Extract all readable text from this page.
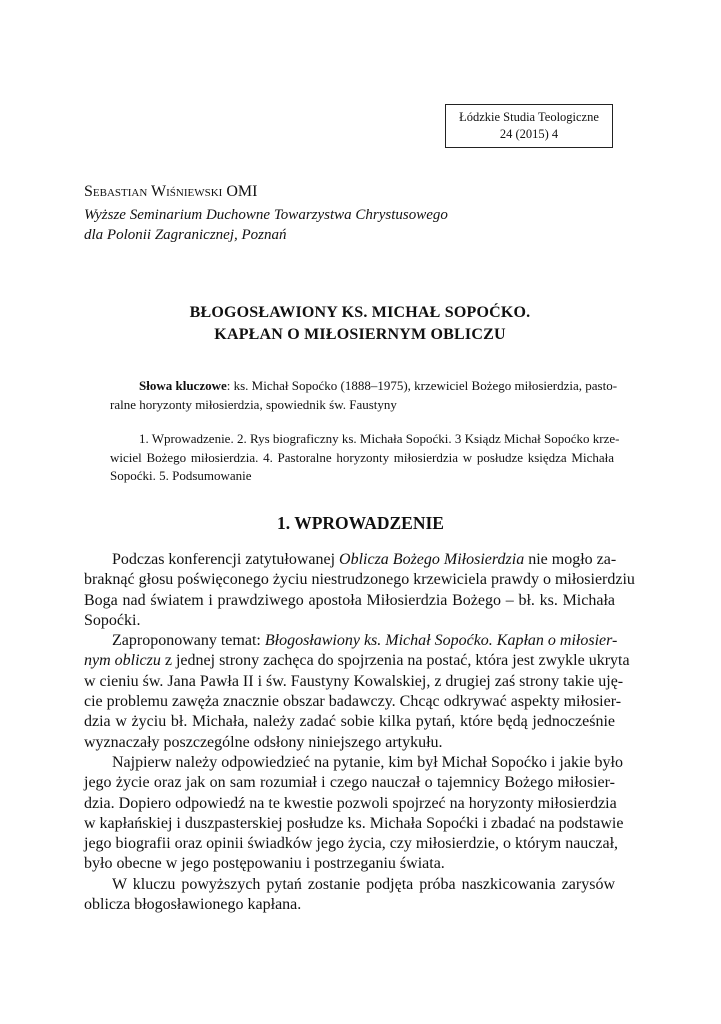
Łódzkie Studia Teologiczne
24 (2015) 4
Sebastian Wiśniewski OMI
Wyższe Seminarium Duchowne Towarzystwa Chrystusowego
dla Polonii Zagranicznej, Poznań
BŁOGOSŁAWIONY KS. MICHAŁ SOPOĆKO.
KAPŁAN O MIŁOSIERNYM OBLICZU
Słowa kluczowe: ks. Michał Sopoćko (1888–1975), krzewiciel Bożego miłosierdzia, pasto-
ralne horyzonty miłosierdzia, spowiednik św. Faustyny
1. Wprowadzenie. 2. Rys biograficzny ks. Michała Sopoćki. 3 Ksiądz Michał Sopoćko krze-
wiciel Bożego miłosierdzia. 4. Pastoralne horyzonty miłosierdzia w posłudze księdza Michała
Sopoćki. 5. Podsumowanie
1. WPROWADZENIE

Podczas konferencji zatytułowanej Oblicza Bożego Miłosierdzia nie mogło za-
braknąć głosu poświęconego życiu niestrudzonego krzewiciela prawdy o miłosierdziu
Boga nad światem i prawdziwego apostoła Miłosierdzia Bożego – bł. ks. Michała
Sopoćki.

Zaproponowany temat: Błogosławiony ks. Michał Sopoćko. Kapłan o miłosier-
nym obliczu z jednej strony zachęca do spojrzenia na postać, która jest zwykle ukryta
w cieniu św. Jana Pawła II i św. Faustyny Kowalskiej, z drugiej zaś strony takie uję-
cie problemu zawęża znacznie obszar badawczy. Chcąc odkrywać aspekty miłosier-
dzia w życiu bł. Michała, należy zadać sobie kilka pytań, które będą jednocześnie
wyznaczały poszczególne odsłony niniejszego artykułu.

Najpierw należy odpowiedzieć na pytanie, kim był Michał Sopoćko i jakie było
jego życie oraz jak on sam rozumiał i czego nauczał o tajemnicy Bożego miłosier-
dzia. Dopiero odpowiedź na te kwestie pozwoli spojrzeć na horyzonty miłosierdzia
w kapłańskiej i duszpasterskiej posłudze ks. Michała Sopoćki i zbadać na podstawie
jego biografii oraz opinii świadków jego życia, czy miłosierdzie, o którym nauczał,
było obecne w jego postępowaniu i postrzeganiu świata.

W kluczu powyższych pytań zostanie podjęta próba naszkicowania zarysów
oblicza błogosławionego kapłana.
